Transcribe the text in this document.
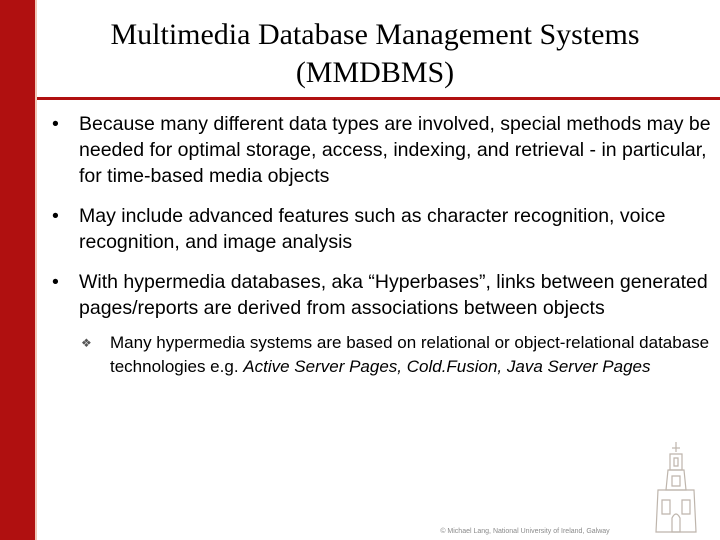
Multimedia Database Management Systems
(MMDBMS)
•	Because many different data types are involved, special methods may be needed for optimal storage, access, indexing, and retrieval - in particular, for time-based media objects
•	May include advanced features such as character recognition, voice recognition, and image analysis
•	With hypermedia databases, aka “Hyperbases”, links between generated pages/reports are derived from associations between objects
❖ Many hypermedia systems are based on relational or object-relational database technologies e.g. Active Server Pages, Cold.Fusion, Java Server Pages
© Michael Lang, National University of Ireland, Galway
